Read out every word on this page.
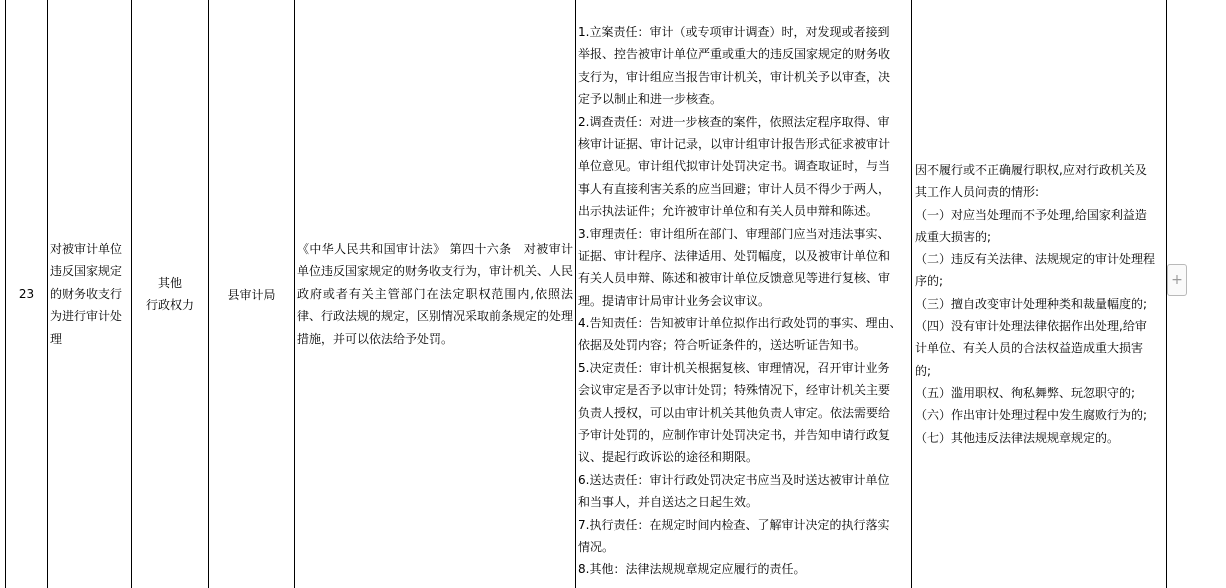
23
对被审计单位违反国家规定的财务收支行为进行审计处理
其他
行政权力
县审计局
《中华人民共和国审计法》 第四十六条　对被审计单位违反国家规定的财务收支行为，审计机关、人民政府或者有关主管部门在法定职权范围内,依照法律、行政法规的规定，区别情况采取前条规定的处理措施，并可以依法给予处罚。
1.立案责任：审计（或专项审计调查）时，对发现或者接到
举报、控告被审计单位严重或重大的违反国家规定的财务收
支行为，审计组应当报告审计机关，审计机关予以审查，决
定予以制止和进一步核查。
2.调查责任：对进一步核查的案件，依照法定程序取得、审
核审计证据、审计记录，以审计组审计报告形式征求被审计
单位意见。审计组代拟审计处罚决定书。调查取证时，与当
事人有直接利害关系的应当回避；审计人员不得少于两人，
出示执法证件；允许被审计单位和有关人员申辩和陈述。
3.审理责任：审计组所在部门、审理部门应当对违法事实、
证据、审计程序、法律适用、处罚幅度，以及被审计单位和
有关人员申辩、陈述和被审计单位反馈意见等进行复核、审
理。提请审计局审计业务会议审议。
4.告知责任：告知被审计单位拟作出行政处罚的事实、理由、
依据及处罚内容；符合听证条件的，送达听证告知书。
5.决定责任：审计机关根据复核、审理情况，召开审计业务
会议审定是否予以审计处罚；特殊情况下，经审计机关主要
负责人授权，可以由审计机关其他负责人审定。依法需要给
予审计处罚的，应制作审计处罚决定书，并告知申请行政复
议、提起行政诉讼的途径和期限。
6.送达责任：审计行政处罚决定书应当及时送达被审计单位
和当事人，并自送达之日起生效。
7.执行责任：在规定时间内检查、了解审计决定的执行落实
情况。
8.其他：法律法规规章规定应履行的责任。
因不履行或不正确履行职权,应对行政机关及
其工作人员问责的情形:
（一）对应当处理而不予处理,给国家利益造
成重大损害的;
（二）违反有关法律、法规规定的审计处理程
序的;
（三）擅自改变审计处理种类和裁量幅度的;
（四）没有审计处理法律依据作出处理,给审
计单位、有关人员的合法权益造成重大损害
的;
（五）滥用职权、徇私舞弊、玩忽职守的;
（六）作出审计处理过程中发生腐败行为的;
（七）其他违反法律法规规章规定的。
+
